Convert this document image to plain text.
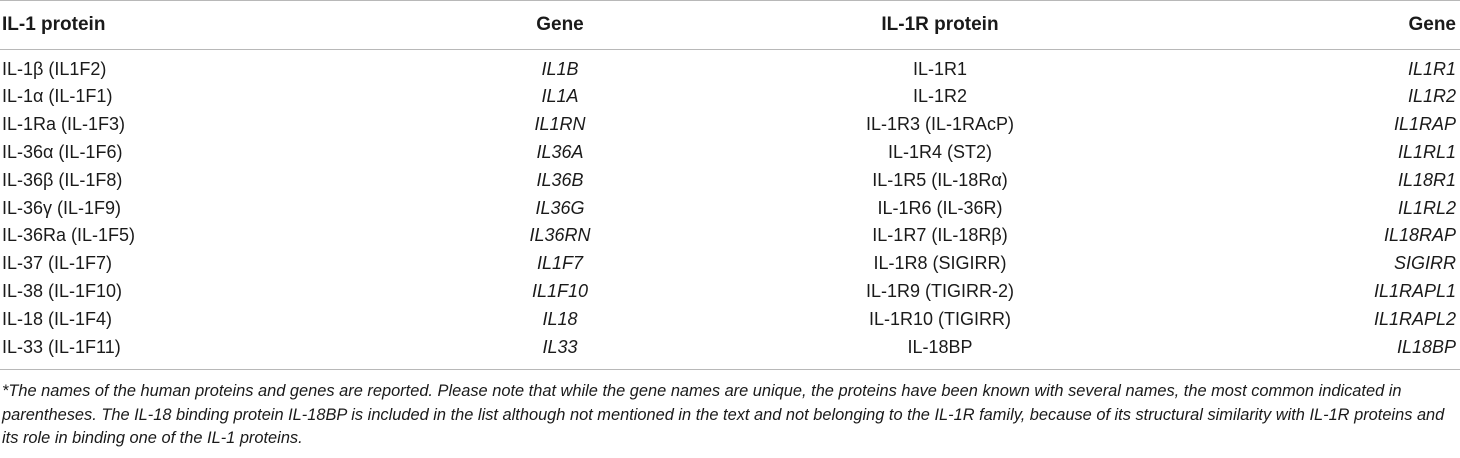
IL-1 protein	Gene	IL-1R protein	Gene
IL-1β (IL1F2)	IL1B	IL-1R1	IL1R1
IL-1α (IL-1F1)	IL1A	IL-1R2	IL1R2
IL-1Ra (IL-1F3)	IL1RN	IL-1R3 (IL-1RAcP)	IL1RAP
IL-36α (IL-1F6)	IL36A	IL-1R4 (ST2)	IL1RL1
IL-36β (IL-1F8)	IL36B	IL-1R5 (IL-18Rα)	IL18R1
IL-36γ (IL-1F9)	IL36G	IL-1R6 (IL-36R)	IL1RL2
IL-36Ra (IL-1F5)	IL36RN	IL-1R7 (IL-18Rβ)	IL18RAP
IL-37 (IL-1F7)	IL1F7	IL-1R8 (SIGIRR)	SIGIRR
IL-38 (IL-1F10)	IL1F10	IL-1R9 (TIGIRR-2)	IL1RAPL1
IL-18 (IL-1F4)	IL18	IL-1R10 (TIGIRR)	IL1RAPL2
IL-33 (IL-1F11)	IL33	IL-18BP	IL18BP
*The names of the human proteins and genes are reported. Please note that while the gene names are unique, the proteins have been known with several names, the most common indicated in parentheses. The IL-18 binding protein IL-18BP is included in the list although not mentioned in the text and not belonging to the IL-1R family, because of its structural similarity with IL-1R proteins and its role in binding one of the IL-1 proteins.
